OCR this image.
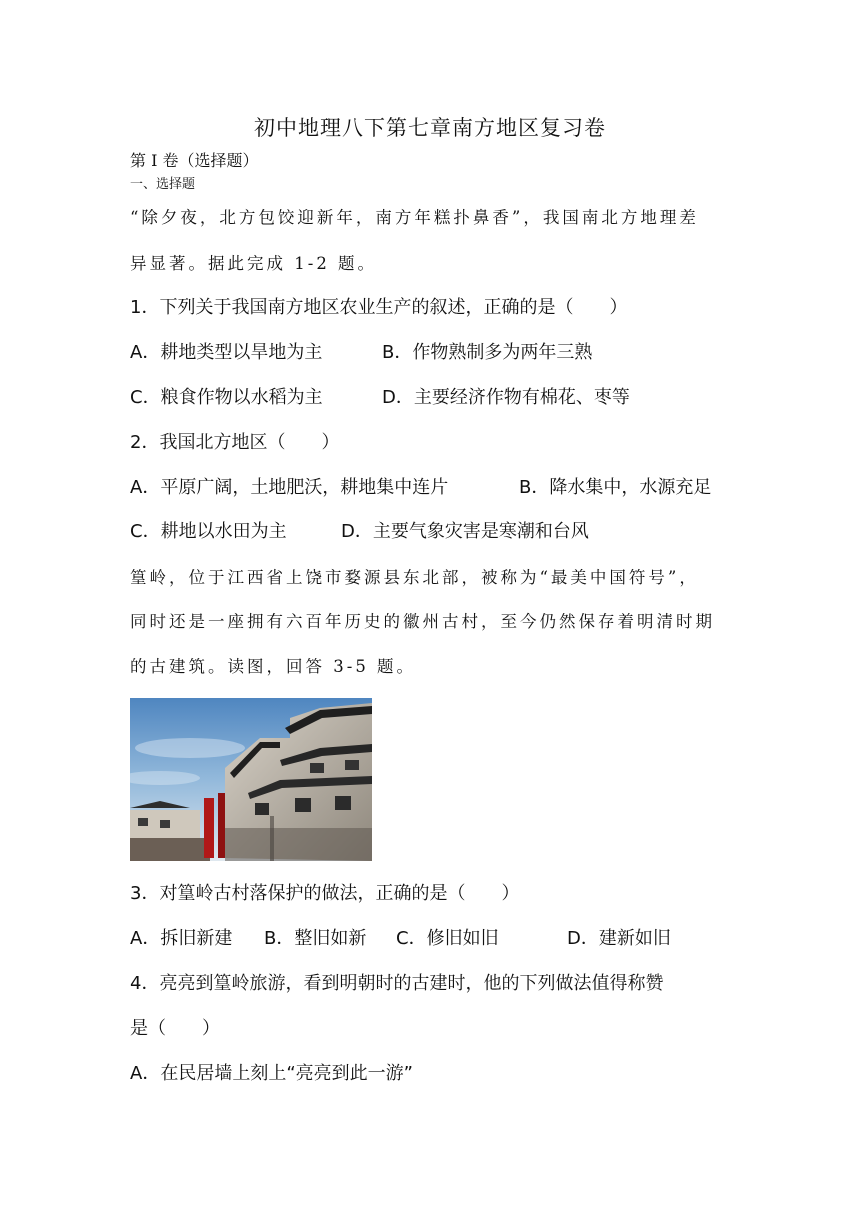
初中地理八下第七章南方地区复习卷
第 I 卷（选择题）
一、选择题
“除夕夜，北方包饺迎新年，南方年糕扑鼻香”，我国南北方地理差
异显著。据此完成 1-2 题。
1．下列关于我国南方地区农业生产的叙述，正确的是（　　）
A．耕地类型以旱地为主	B．作物熟制多为两年三熟
C．粮食作物以水稻为主	D．主要经济作物有棉花、枣等
2．我国北方地区（　　）
A．平原广阔，土地肥沃，耕地集中连片	B．降水集中，水源充足
C．耕地以水田为主	D．主要气象灾害是寒潮和台风
篁岭，位于江西省上饶市婺源县东北部，被称为“最美中国符号”，
同时还是一座拥有六百年历史的徽州古村，至今仍然保存着明清时期
的古建筑。读图，回答 3-5 题。
3．对篁岭古村落保护的做法，正确的是（　　）
A．拆旧新建 B．整旧如新 C．修旧如旧	D．建新如旧
4．亮亮到篁岭旅游，看到明朝时的古建时，他的下列做法值得称赞
是（　　）
A．在民居墙上刻上“亮亮到此一游”
